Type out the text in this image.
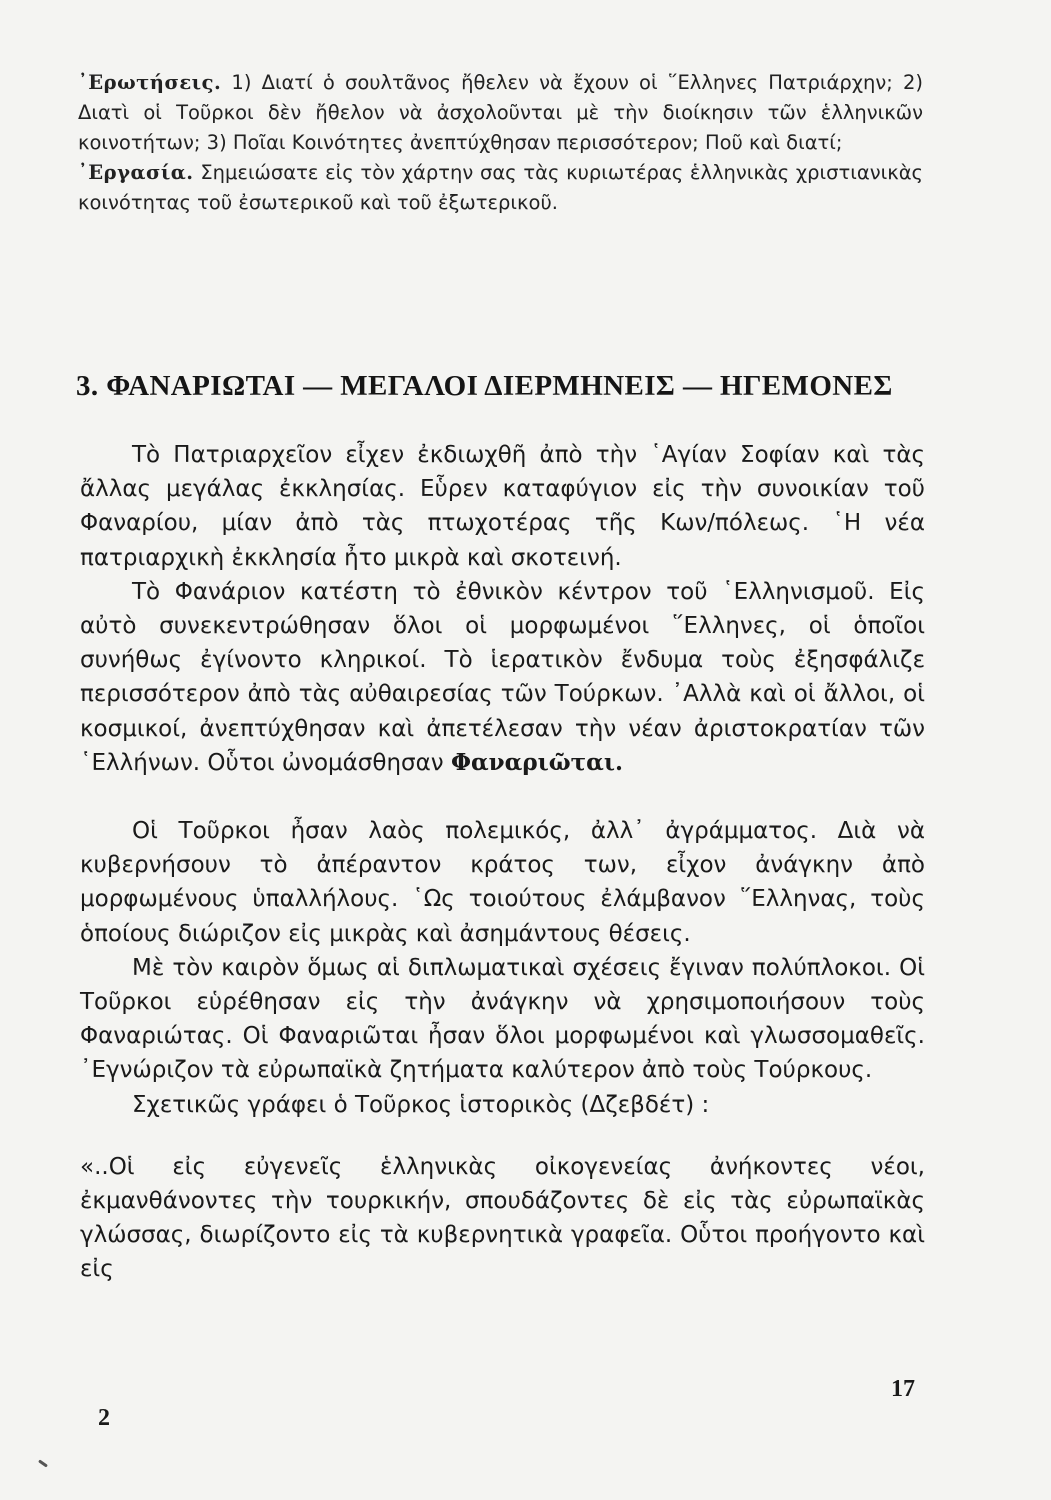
᾿Ερωτήσεις. 1) Διατί ὁ σουλτᾶνος ἤθελεν νὰ ἔχουν οἱ ῞Ελληνες Πατριάρχην; 2) Διατὶ οἱ Τοῦρκοι δὲν ἤθελον νὰ ἀσχολοῦνται μὲ τὴν διοίκησιν τῶν ἑλληνικῶν κοινοτήτων; 3) Ποῖαι Κοινότητες ἀνεπτύχθησαν περισσότερον; Ποῦ καὶ διατί;

᾿Εργασία. Σημειώσατε εἰς τὸν χάρτην σας τὰς κυριωτέρας ἑλληνικὰς χριστιανικὰς κοινότητας τοῦ ἐσωτερικοῦ καὶ τοῦ ἐξωτερικοῦ.

3. ΦΑΝΑΡΙΩΤΑΙ — ΜΕΓΑΛΟΙ ΔΙΕΡΜΗΝΕΙΣ — ΗΓΕΜΟΝΕΣ

Τὸ Πατριαρχεῖον εἶχεν ἐκδιωχθῆ ἀπὸ τὴν ῾Αγίαν Σοφίαν καὶ τὰς ἄλλας μεγάλας ἐκκλησίας. Εὗρεν καταφύγιον εἰς τὴν συνοικίαν τοῦ Φαναρίου, μίαν ἀπὸ τὰς πτωχοτέρας τῆς Κων/πόλεως. ῾Η νέα πατριαρχικὴ ἐκκλησία ἦτο μικρὰ καὶ σκοτεινή.

Τὸ Φανάριον κατέστη τὸ ἐθνικὸν κέντρον τοῦ ῾Ελληνισμοῦ. Εἰς αὐτὸ συνεκεντρώθησαν ὅλοι οἱ μορφωμένοι ῞Ελληνες, οἱ ὁποῖοι συνήθως ἐγίνοντο κληρικοί. Τὸ ἱερατικὸν ἔνδυμα τοὺς ἐξησφάλιζε περισσότερον ἀπὸ τὰς αὐθαιρεσίας τῶν Τούρκων. ᾿Αλλὰ καὶ οἱ ἄλλοι, οἱ κοσμικοί, ἀνεπτύχθησαν καὶ ἀπετέλεσαν τὴν νέαν ἀριστοκρατίαν τῶν ῾Ελλήνων. Οὗτοι ὠνομάσθησαν Φαναριῶται.

Οἱ Τοῦρκοι ἦσαν λαὸς πολεμικός, ἀλλ᾿ ἀγράμματος. Διὰ νὰ κυβερνήσουν τὸ ἀπέραντον κράτος των, εἶχον ἀνάγκην ἀπὸ μορφωμένους ὑπαλλήλους. ῾Ως τοιούτους ἐλάμβανον ῞Ελληνας, τοὺς ὁποίους διώριζον εἰς μικρὰς καὶ ἀσημάντους θέσεις.

Μὲ τὸν καιρὸν ὅμως αἱ διπλωματικαὶ σχέσεις ἔγιναν πολύπλοκοι. Οἱ Τοῦρκοι εὑρέθησαν εἰς τὴν ἀνάγκην νὰ χρησιμοποιήσουν τοὺς Φαναριώτας. Οἱ Φαναριῶται ἦσαν ὅλοι μορφωμένοι καὶ γλωσσομαθεῖς. ᾿Εγνώριζον τὰ εὐρωπαϊκὰ ζητήματα καλύτερον ἀπὸ τοὺς Τούρκους.

Σχετικῶς γράφει ὁ Τοῦρκος ἱστορικὸς (Δζεβδέτ) :

«..Οἱ εἰς εὐγενεῖς ἑλληνικὰς οἰκογενείας ἀνήκοντες νέοι, ἐκμανθάνοντες τὴν τουρκικήν, σπουδάζοντες δὲ εἰς τὰς εὐρωπαϊκὰς γλώσσας, διωρίζοντο εἰς τὰ κυβερνητικὰ γραφεῖα. Οὗτοι προήγοντο καὶ εἰς

17
2
